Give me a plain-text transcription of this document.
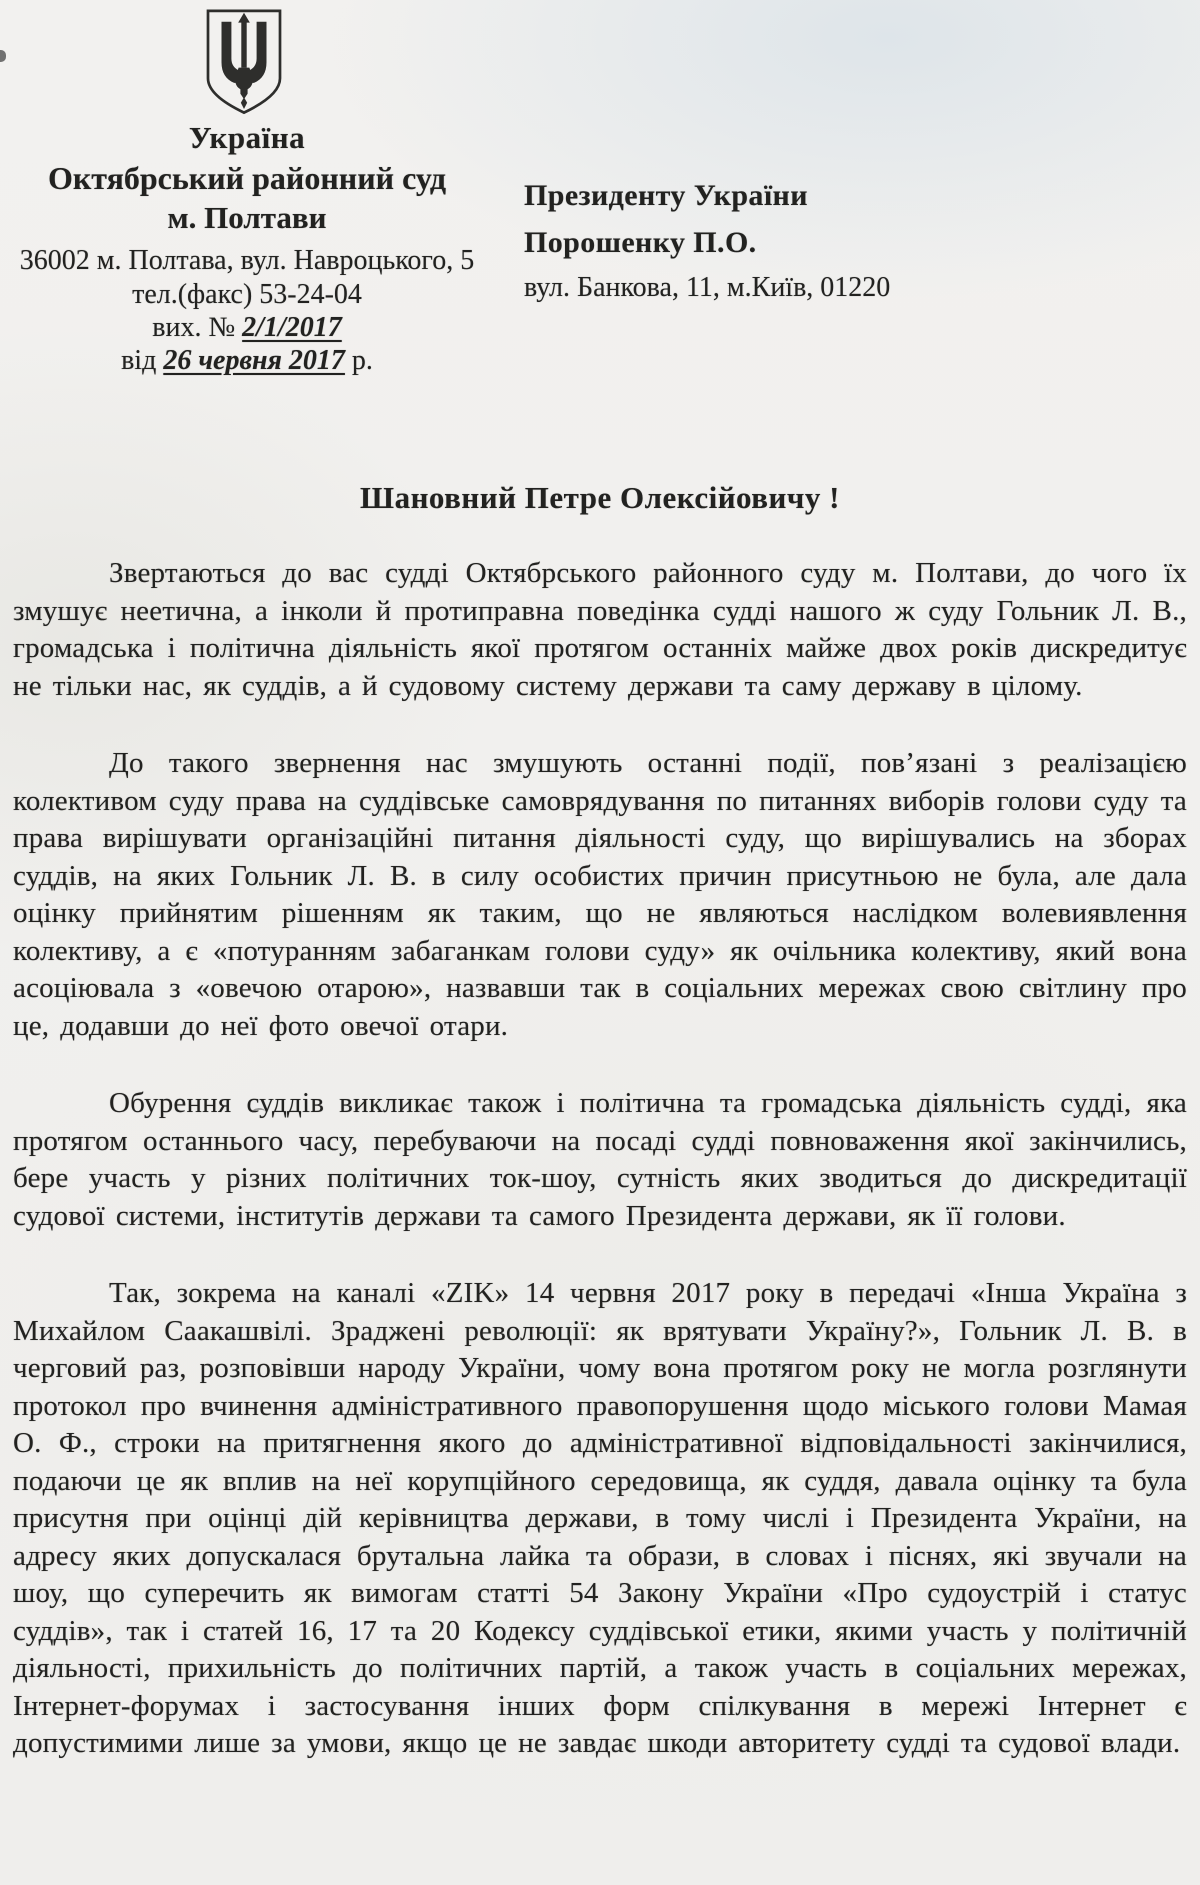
Україна
Октябрський районний суд
м. Полтави
36002 м. Полтава, вул. Навроцького, 5
тел.(факс) 53-24-04
вих. № 2/1/2017
від 26 червня 2017 р.
Президенту України
Порошенку П.О.
вул. Банкова, 11, м.Київ, 01220
Шановний Петре Олексійовичу !

Звертаються до вас судді Октябрського районного суду м. Полтави, до чого їх змушує неетична, а інколи й протиправна поведінка судді нашого ж суду Гольник Л. В., громадська і політична діяльність якої протягом останніх майже двох років дискредитує не тільки нас, як суддів, а й судовому систему держави та саму державу в цілому.

До такого звернення нас змушують останні події, пов’язані з реалізацією колективом суду права на суддівське самоврядування по питаннях виборів голови суду та права вирішувати організаційні питання діяльності суду, що вирішувались на зборах суддів, на яких Гольник Л. В. в силу особистих причин присутньою не була, але дала оцінку прийнятим рішенням як таким, що не являються наслідком волевиявлення колективу, а є «потуранням забаганкам голови суду» як очільника колективу, який вона асоціювала з «овечою отарою», назвавши так в соціальних мережах свою світлину про це, додавши до неї фото овечої отари.

Обурення суддів викликає також і політична та громадська діяльність судді, яка протягом останнього часу, перебуваючи на посаді судді повноваження якої закінчились, бере участь у різних політичних ток-шоу, сутність яких зводиться до дискредитації судової системи, інститутів держави та самого Президента держави, як її голови.

Так, зокрема на каналі «ZIK» 14 червня 2017 року в передачі «Інша Україна з Михайлом Саакашвілі. Зраджені революції: як врятувати Україну?», Гольник Л. В. в черговий раз, розповівши народу України, чому вона протягом року не могла розглянути протокол про вчинення адміністративного правопорушення щодо міського голови Мамая О. Ф., строки на притягнення якого до адміністративної відповідальності закінчилися, подаючи це як вплив на неї корупційного середовища, як суддя, давала оцінку та була присутня при оцінці дій керівництва держави, в тому числі і Президента України, на адресу яких допускалася брутальна лайка та образи, в словах і піснях, які звучали на шоу, що суперечить як вимогам статті 54 Закону України «Про судоустрій і статус суддів», так і статей 16, 17 та 20 Кодексу суддівської етики, якими участь у політичній діяльності, прихильність до політичних партій, а також участь в соціальних мережах, Інтернет-форумах і застосування інших форм спілкування в мережі Інтернет є допустимими лише за умови, якщо це не завдає шкоди авторитету судді та судової влади.
